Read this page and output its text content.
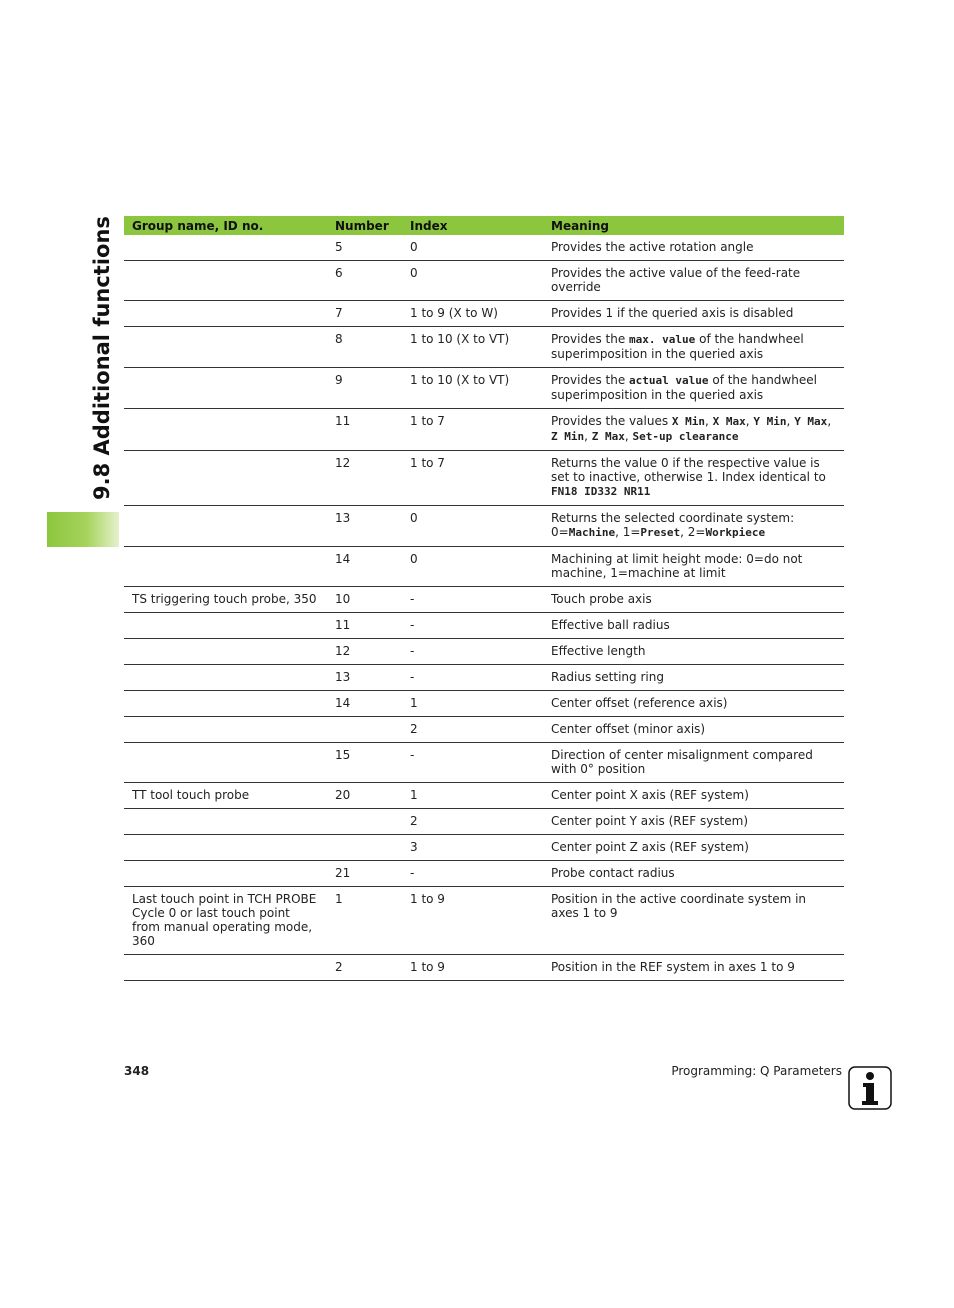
9.8 Additional functions Group name, ID no.	Number	Index	Meaning
	5	0	Provides the active rotation angle
	6	0	Provides the active value of the feed-rate override
	7	1 to 9 (X to W)	Provides 1 if the queried axis is disabled
	8	1 to 10 (X to VT)	Provides the max. value of the handwheel superimposition in the queried axis
	9	1 to 10 (X to VT)	Provides the actual value of the handwheel superimposition in the queried axis
	11	1 to 7	Provides the values X Min, X Max, Y Min, Y Max, Z Min, Z Max, Set-up clearance
	12	1 to 7	Returns the value 0 if the respective value is set to inactive, otherwise 1. Index identical to FN18 ID332 NR11
	13	0	Returns the selected coordinate system: 0=Machine, 1=Preset, 2=Workpiece
	14	0	Machining at limit height mode: 0=do not machine, 1=machine at limit
TS triggering touch probe, 350	10	-	Touch probe axis
	11	-	Effective ball radius
	12	-	Effective length
	13	-	Radius setting ring
	14	1	Center offset (reference axis)
		2	Center offset (minor axis)
	15	-	Direction of center misalignment compared with 0° position
TT tool touch probe	20	1	Center point X axis (REF system)
		2	Center point Y axis (REF system)
		3	Center point Z axis (REF system)
	21	-	Probe contact radius
Last touch point in TCH PROBE Cycle 0 or last touch point from manual operating mode, 360	1	1 to 9	Position in the active coordinate system in axes 1 to 9
	2	1 to 9	Position in the REF system in axes 1 to 9
348	Programming: Q Parameters
